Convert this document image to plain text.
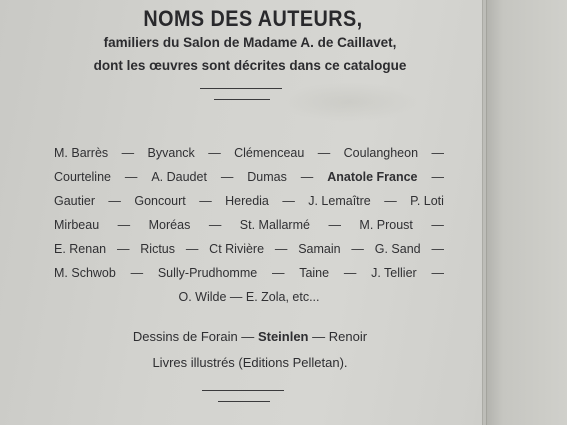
NOMS DES AUTEURS,
familiers du Salon de Madame A. de Caillavet,
dont les œuvres sont décrites dans ce catalogue
M. Barrès — Byvanck — Clémenceau — Coulangheon —
Courteline — A. Daudet — Dumas — Anatole France —
Gautier — Goncourt — Heredia — J. Lemaître — P. Loti
Mirbeau — Moréas — St. Mallarmé — M. Proust —
E. Renan — Rictus — Ct Rivière — Samain — G. Sand —
M. Schwob — Sully-Prudhomme — Taine — J. Tellier —
O. Wilde — E. Zola, etc...
Dessins de Forain — Steinlen — Renoir
Livres illustrés (Editions Pelletan).
